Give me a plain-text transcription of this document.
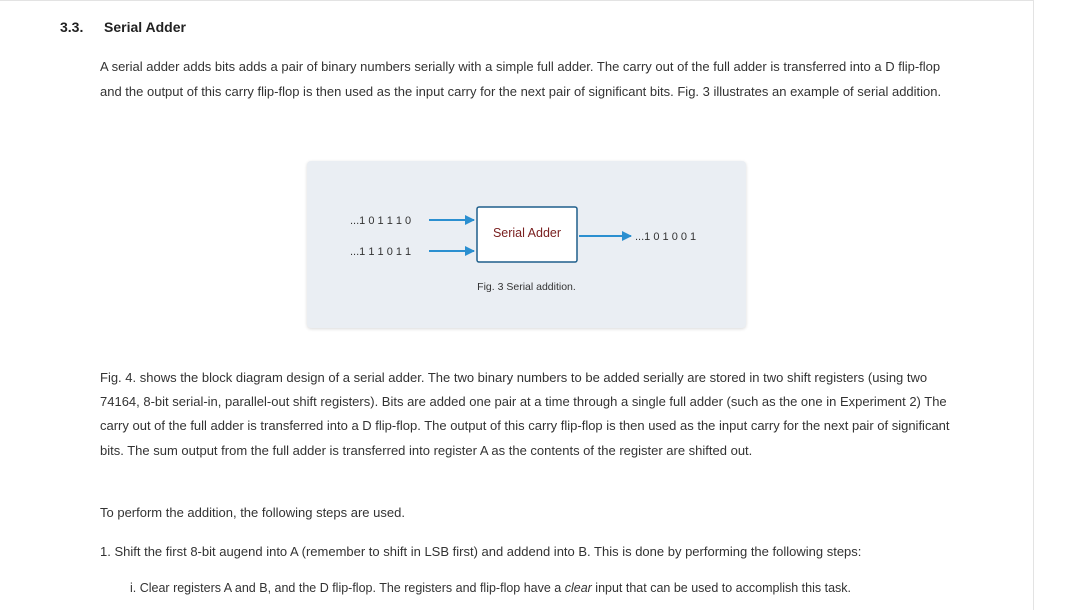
3.3. Serial Adder

A serial adder adds bits adds a pair of binary numbers serially with a simple full adder. The carry out of the full adder is transferred into a D flip-flop and the output of this carry flip-flop is then used as the input carry for the next pair of significant bits. Fig. 3 illustrates an example of serial addition.

...1 0 1 1 1 0
...1 1 1 0 1 1
Serial Adder	...1 0 1 0 0 1
Fig. 3 Serial addition.

Fig. 4. shows the block diagram design of a serial adder. The two binary numbers to be added serially are stored in two shift registers (using two 74164, 8-bit serial-in, parallel-out shift registers). Bits are added one pair at a time through a single full adder (such as the one in Experiment 2) The carry out of the full adder is transferred into a D flip-flop. The output of this carry flip-flop is then used as the input carry for the next pair of significant bits. The sum output from the full adder is transferred into register A as the contents of the register are shifted out.

To perform the addition, the following steps are used.

1. Shift the first 8-bit augend into A (remember to shift in LSB first) and addend into B. This is done by performing the following steps:

i. Clear registers A and B, and the D flip-flop. The registers and flip-flop have a clear input that can be used to accomplish this task.
